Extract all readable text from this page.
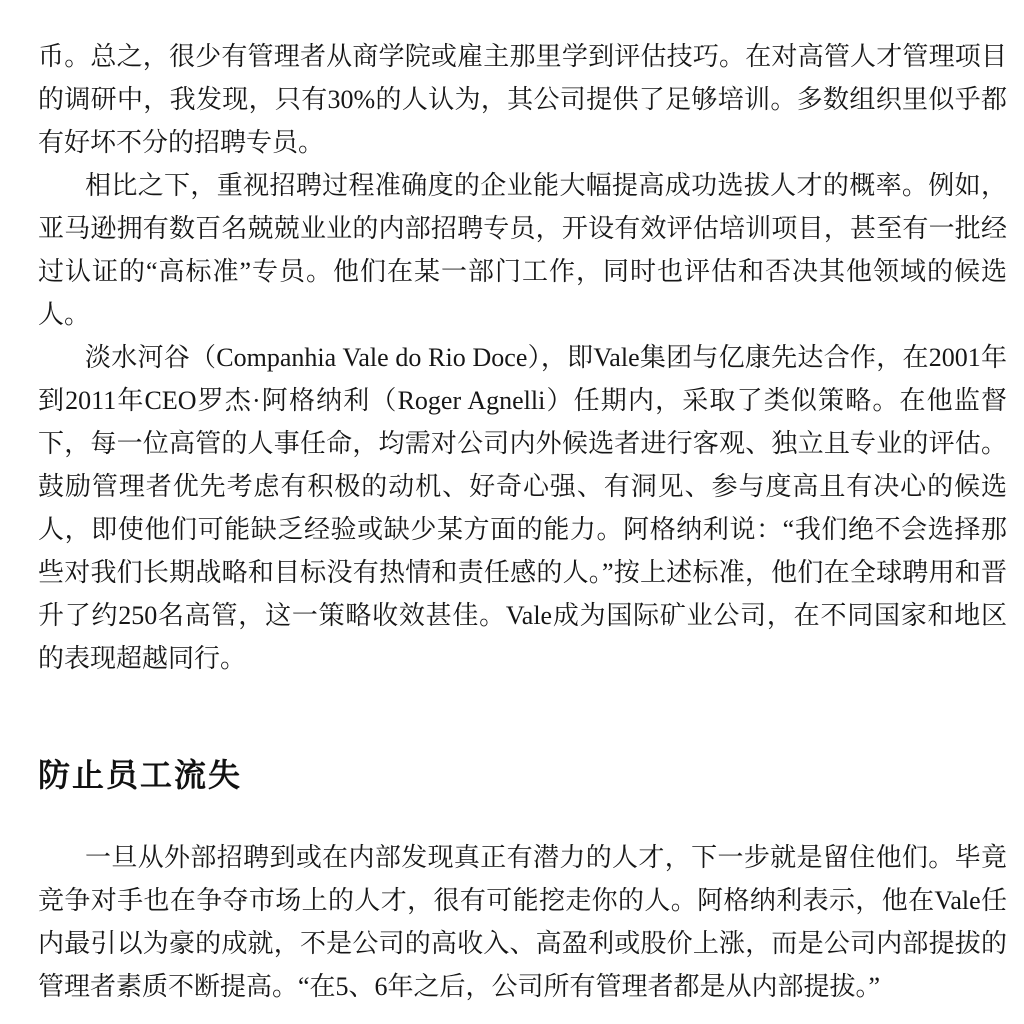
币。总之，很少有管理者从商学院或雇主那里学到评估技巧。在对高管人才管理项目的调研中，我发现，只有30%的人认为，其公司提供了足够培训。多数组织里似乎都有好坏不分的招聘专员。

相比之下，重视招聘过程准确度的企业能大幅提高成功选拔人才的概率。例如，亚马逊拥有数百名兢兢业业的内部招聘专员，开设有效评估培训项目，甚至有一批经过认证的“高标准”专员。他们在某一部门工作，同时也评估和否决其他领域的候选人。

淡水河谷（Companhia Vale do Rio Doce），即Vale集团与亿康先达合作，在2001年到2011年CEO罗杰·阿格纳利（Roger Agnelli）任期内，采取了类似策略。在他监督下，每一位高管的人事任命，均需对公司内外候选者进行客观、独立且专业的评估。鼓励管理者优先考虑有积极的动机、好奇心强、有洞见、参与度高且有决心的候选人，即使他们可能缺乏经验或缺少某方面的能力。阿格纳利说：“我们绝不会选择那些对我们长期战略和目标没有热情和责任感的人。”按上述标准，他们在全球聘用和晋升了约250名高管，这一策略收效甚佳。Vale成为国际矿业公司，在不同国家和地区的表现超越同行。

防止员工流失

一旦从外部招聘到或在内部发现真正有潜力的人才，下一步就是留住他们。毕竟竞争对手也在争夺市场上的人才，很有可能挖走你的人。阿格纳利表示，他在Vale任内最引以为豪的成就，不是公司的高收入、高盈利或股价上涨，而是公司内部提拔的管理者素质不断提高。“在5、6年之后，公司所有管理者都是从内部提拔。”
